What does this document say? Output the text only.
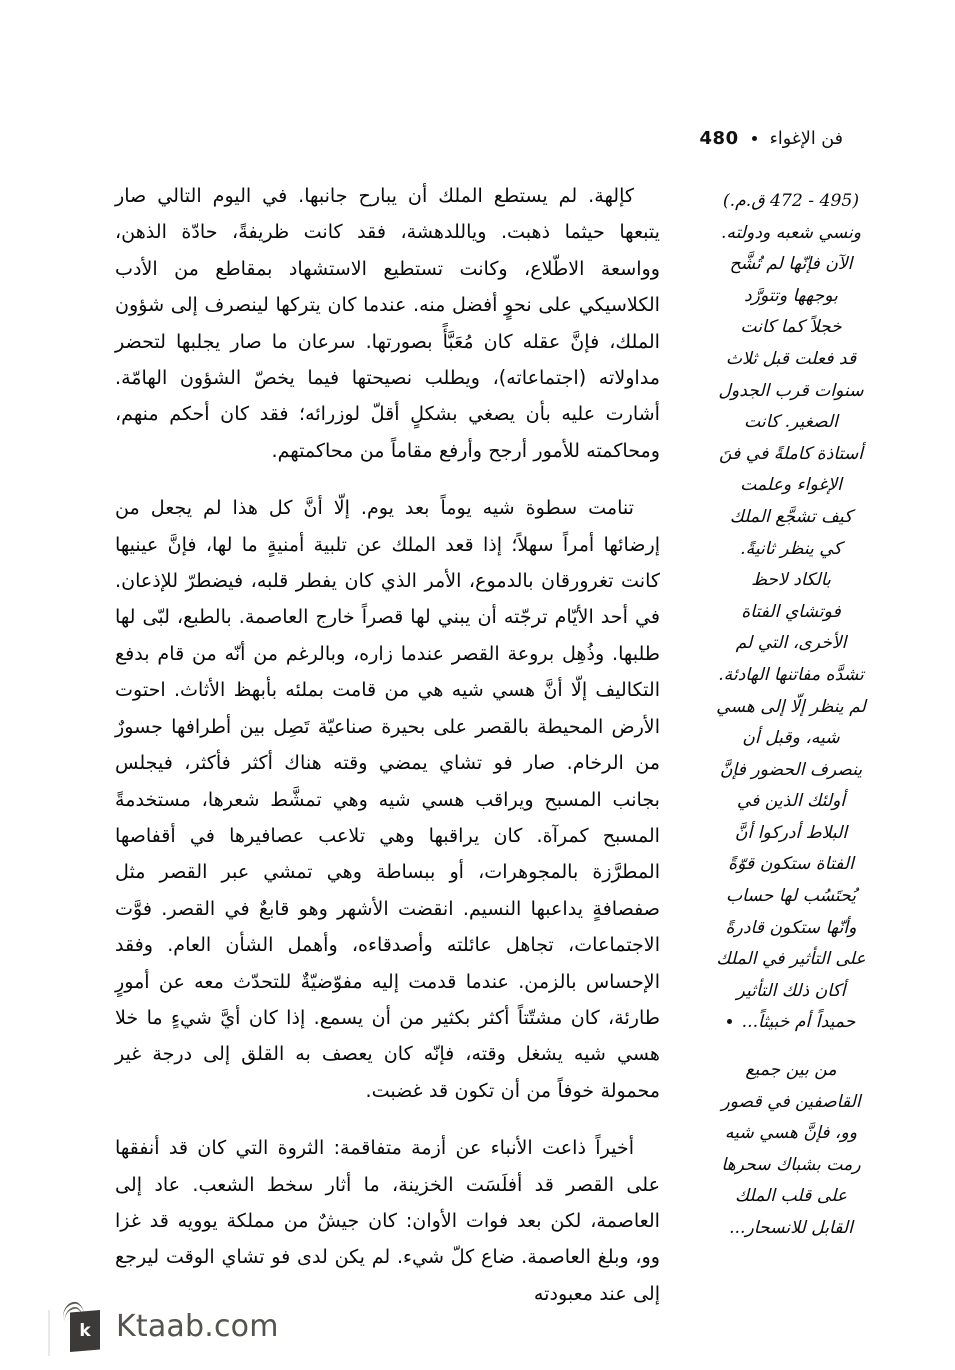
فن الإغواء
480

كإلهة. لم يستطع الملك أن يبارح جانبها. في اليوم التالي صار يتبعها حيثما ذهبت. وياللدهشة، فقد كانت ظريفةً، حادّة الذهن، وواسعة الاطّلاع، وكانت تستطيع الاستشهاد بمقاطع من الأدب الكلاسيكي على نحوٍ أفضل منه. عندما كان يتركها لينصرف إلى شؤون الملك، فإنَّ عقله كان مُعَبَّأً بصورتها. سرعان ما صار يجلبها لتحضر مداولاته (اجتماعاته)، ويطلب نصيحتها فيما يخصّ الشؤون الهامّة. أشارت عليه بأن يصغي بشكلٍ أقلّ لوزرائه؛ فقد كان أحكم منهم، ومحاكمته للأمور أرجح وأرفع مقاماً من محاكمتهم.

تنامت سطوة شيه يوماً بعد يوم. إلّا أنَّ كل هذا لم يجعل من إرضائها أمراً سهلاً؛ إذا قعد الملك عن تلبية أمنيةٍ ما لها، فإنَّ عينيها كانت تغرورقان بالدموع، الأمر الذي كان يفطر قلبه، فيضطرّ للإذعان. في أحد الأيّام ترجّته أن يبني لها قصراً خارج العاصمة. بالطبع، لبّى لها طلبها. وذُهِل بروعة القصر عندما زاره، وبالرغم من أنّه من قام بدفع التكاليف إلّا أنَّ هسي شيه هي من قامت بملئه بأبهظ الأثاث. احتوت الأرض المحيطة بالقصر على بحيرة صناعيّة تَصِل بين أطرافها جسورٌ من الرخام. صار فو تشاي يمضي وقته هناك أكثر فأكثر، فيجلس بجانب المسبح ويراقب هسي شيه وهي تمشَّط شعرها، مستخدمةً المسبح كمرآة. كان يراقبها وهي تلاعب عصافيرها في أقفاصها المطرَّزة بالمجوهرات، أو ببساطة وهي تمشي عبر القصر مثل صفصافةٍ يداعبها النسيم. انقضت الأشهر وهو قابعٌ في القصر. فوَّت الاجتماعات، تجاهل عائلته وأصدقاءه، وأهمل الشأن العام. وفقد الإحساس بالزمن. عندما قدمت إليه مفوّضيّةٌ للتحدّث معه عن أمورٍ طارئة، كان مشتّتاً أكثر بكثير من أن يسمع. إذا كان أيَّ شيءٍ ما خلا هسي شيه يشغل وقته، فإنّه كان يعصف به القلق إلى درجة غير محمولة خوفاً من أن تكون قد غضبت.

أخيراً ذاعت الأنباء عن أزمة متفاقمة: الثروة التي كان قد أنفقها على القصر قد أفلَسَت الخزينة، ما أثار سخط الشعب. عاد إلى العاصمة، لكن بعد فوات الأوان: كان جيشٌ من مملكة يوويه قد غزا وو، وبلغ العاصمة. ضاع كلّ شيء. لم يكن لدى فو تشاي الوقت ليرجع إلى عند معبودته

(495 - 472 ق.م.)
ونسي شعبه ودولته.
الآن فإنّها لم تُشَّح
بوجهها وتتورَّد
خجلاً كما كانت
قد فعلت قبل ثلاث
سنوات قرب الجدول
الصغير. كانت
أستاذة كاملةً في فنَ
الإغواء وعلمت
كيف تشجَّع الملك
كي ينظر ثانيةً.
بالكاد لاحظ
فوتشاي الفتاة
الأخرى، التي لم
تشدَّه مفاتنها الهادئة.
لم ينظر إلّا إلى هسي
شيه، وقبل أن
ينصرف الحضور فإنَّ
أولئك الذين في
البلاط أدركوا أنَّ
الفتاة ستكون قوّةً
يُحتَسُب لها حساب
وأنّها ستكون قادرةً
على التأثير في الملك
أكان ذلك التأثير
حميداً أم خبيثاً...
من بين جميع
القاصفين في قصور
وو، فإنَّ هسي شيه
رمت بشباك سحرها
على قلب الملك
القابل للانسحار...
k Ktaab.com
